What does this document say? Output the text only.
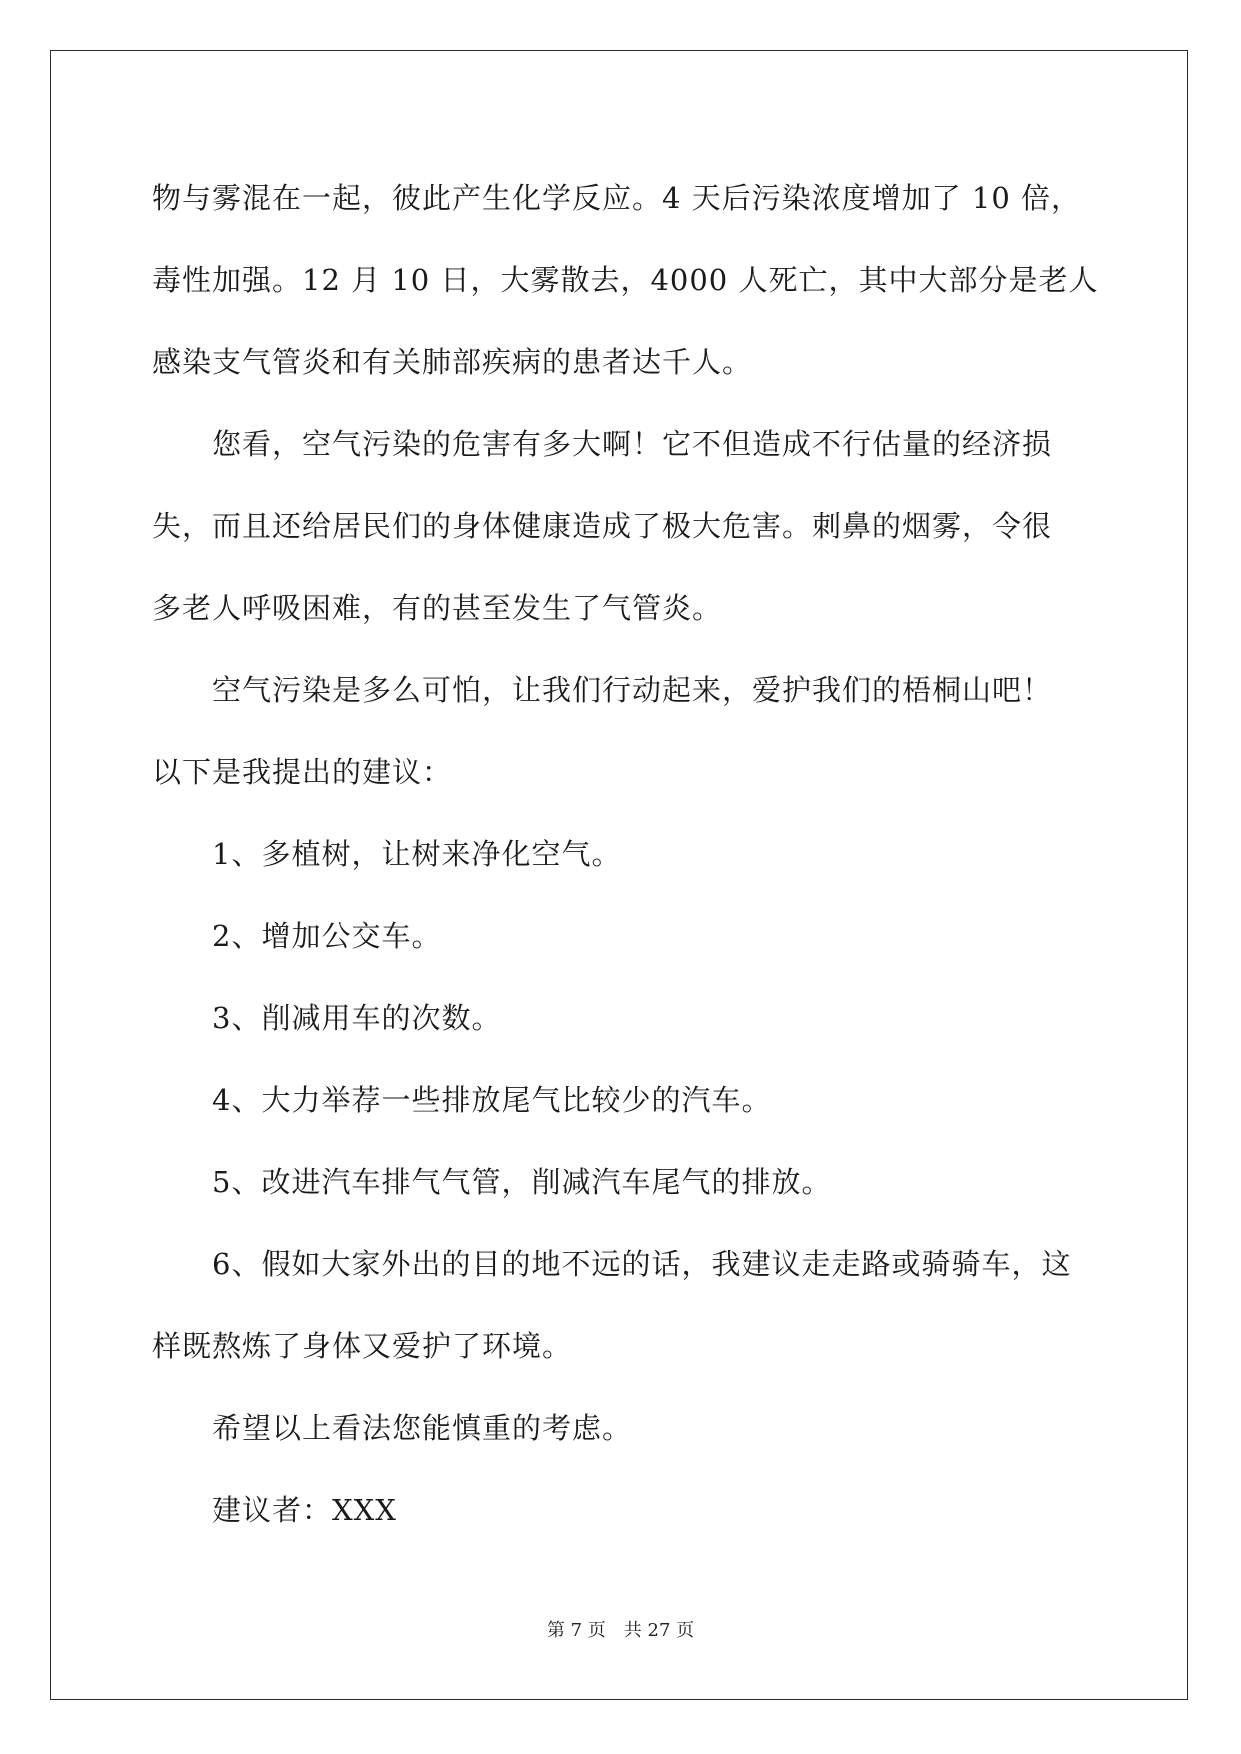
物与雾混在一起，彼此产生化学反应。4 天后污染浓度增加了 10 倍，
毒性加强。12 月 10 日，大雾散去，4000 人死亡，其中大部分是老人
感染支气管炎和有关肺部疾病的患者达千人。
您看，空气污染的危害有多大啊！它不但造成不行估量的经济损
失，而且还给居民们的身体健康造成了极大危害。刺鼻的烟雾，令很
多老人呼吸困难，有的甚至发生了气管炎。
空气污染是多么可怕，让我们行动起来，爱护我们的梧桐山吧！
以下是我提出的建议：
1、多植树，让树来净化空气。
2、增加公交车。
3、削减用车的次数。
4、大力举荐一些排放尾气比较少的汽车。
5、改进汽车排气气管，削减汽车尾气的排放。
6、假如大家外出的目的地不远的话，我建议走走路或骑骑车，这
样既熬炼了身体又爱护了环境。
希望以上看法您能慎重的考虑。
建议者：XXX
第 7 页 共 27 页
